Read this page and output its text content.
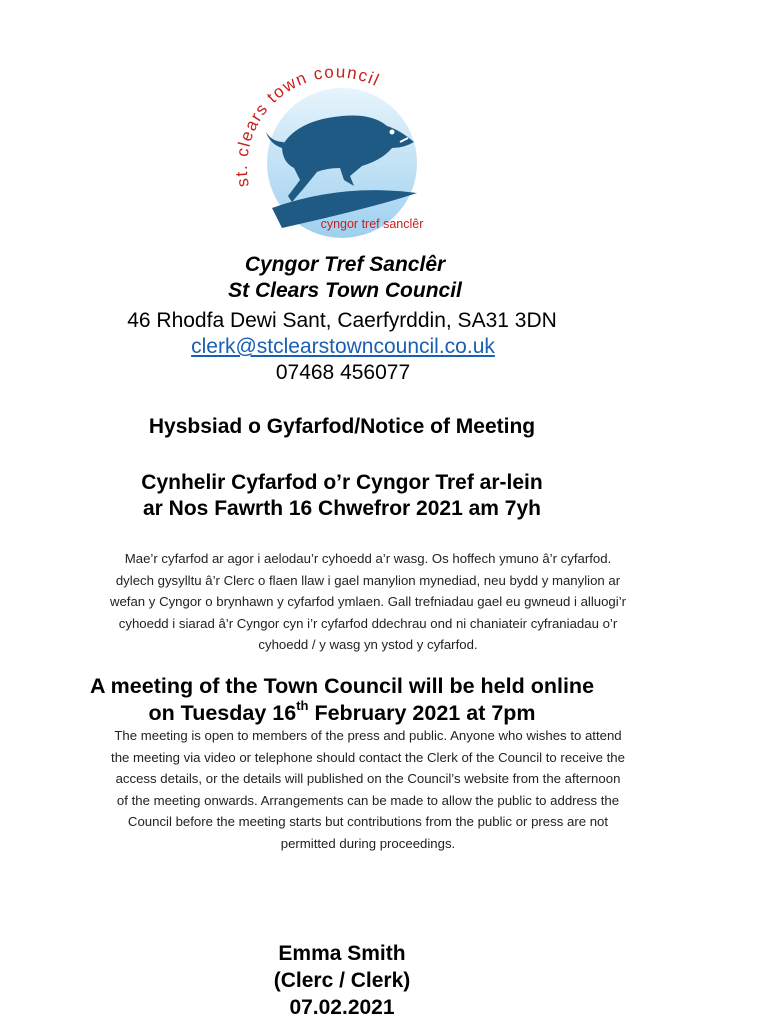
st. clears town council
cyngor tref sanclêr
Cyngor Tref Sanclêr
St Clears Town Council
46 Rhodfa Dewi Sant, Caerfyrddin, SA31 3DN
clerk@stclearstowncouncil.co.uk
07468 456077
Hysbsiad o Gyfarfod/Notice of Meeting
Cynhelir Cyfarfod o’r Cyngor Tref ar-lein
ar Nos Fawrth 16 Chwefror 2021 am 7yh
Mae’r cyfarfod ar agor i aelodau’r cyhoedd a’r wasg. Os hoffech ymuno â’r cyfarfod.
dylech gysylltu â’r Clerc o flaen llaw i gael manylion mynediad, neu bydd y manylion ar
wefan y Cyngor o brynhawn y cyfarfod ymlaen. Gall trefniadau gael eu gwneud i alluogi’r
cyhoedd i siarad â’r Cyngor cyn i’r cyfarfod ddechrau ond ni chaniateir cyfraniadau o’r
cyhoedd / y wasg yn ystod y cyfarfod.
A meeting of the Town Council will be held online
on Tuesday 16th February 2021 at 7pm
The meeting is open to members of the press and public. Anyone who wishes to attend
the meeting via video or telephone should contact the Clerk of the Council to receive the
access details, or the details will published on the Council’s website from the afternoon
of the meeting onwards. Arrangements can be made to allow the public to address the
Council before the meeting starts but contributions from the public or press are not
permitted during proceedings.
Emma Smith
(Clerc / Clerk)
07.02.2021
